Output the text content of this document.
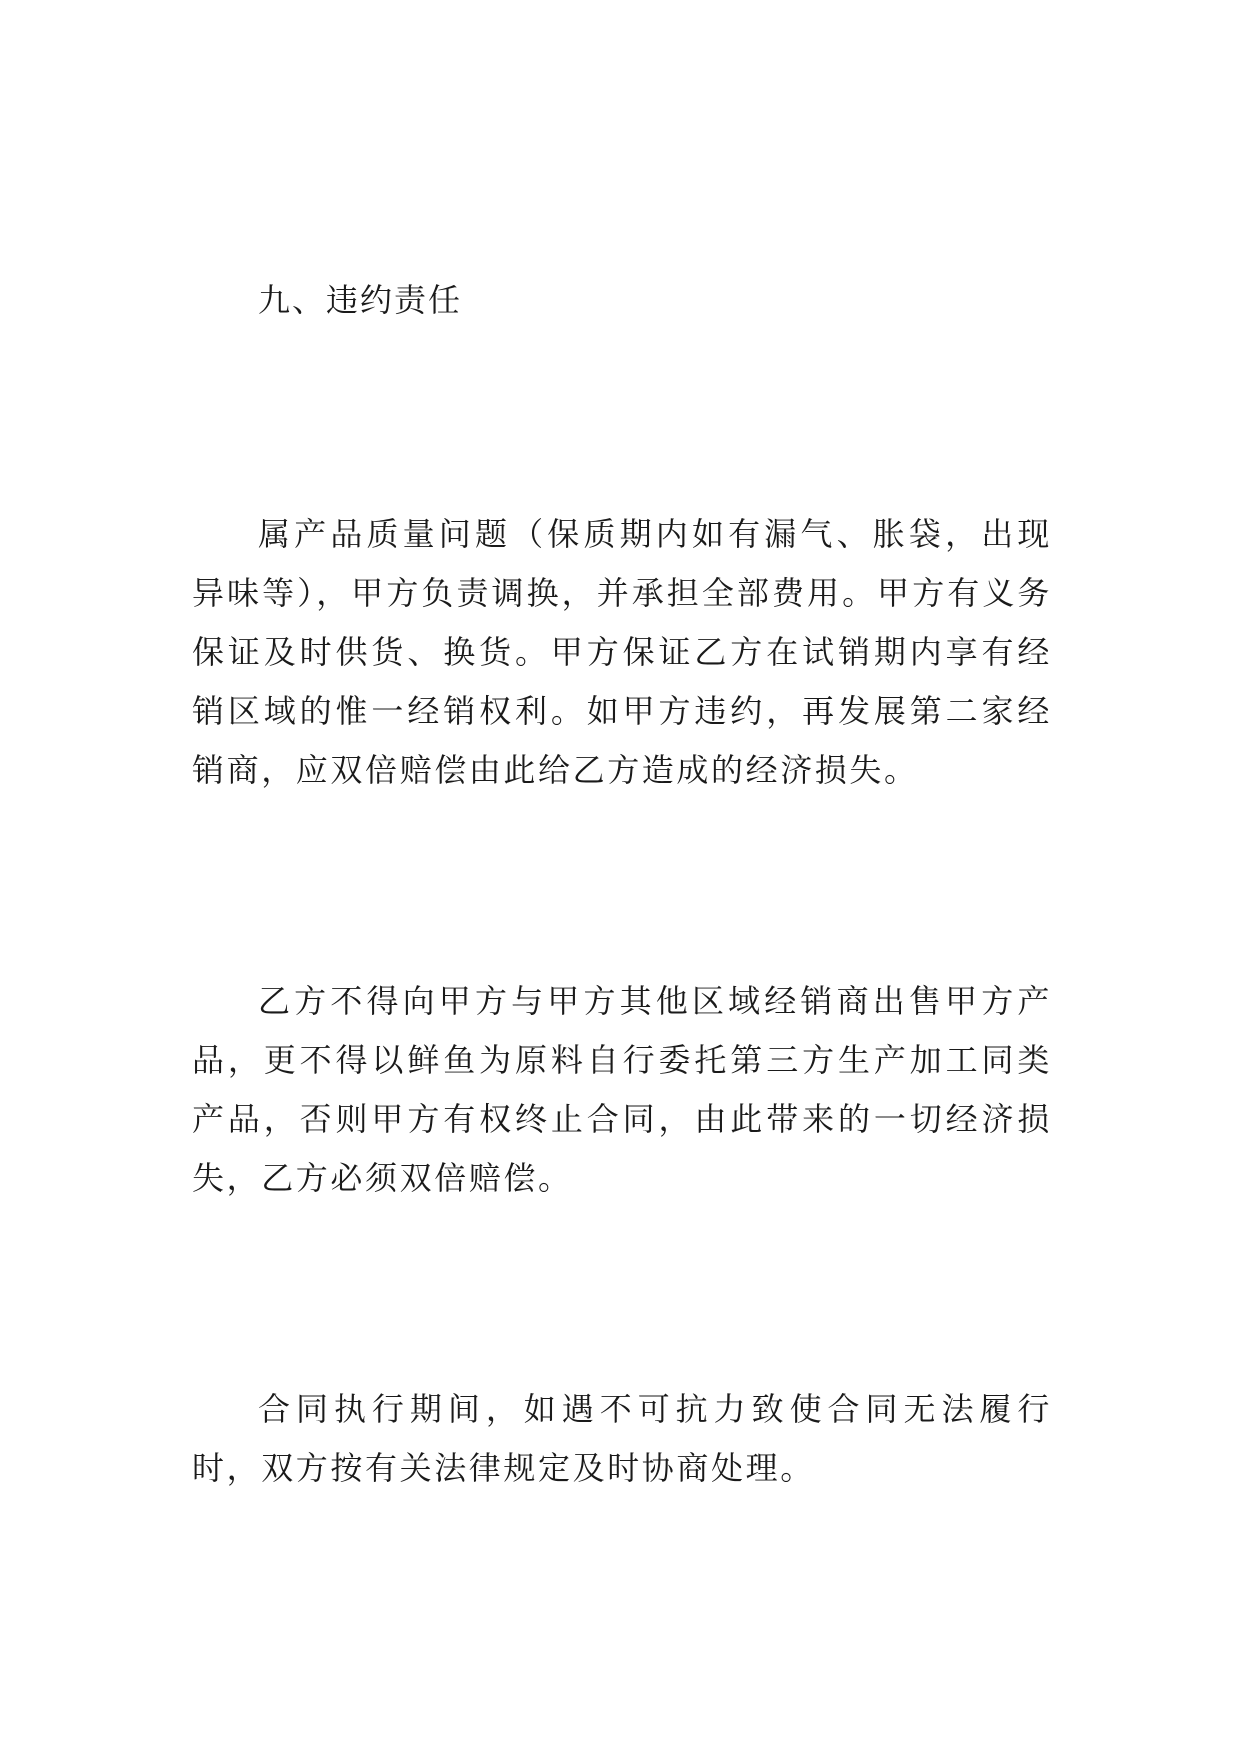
九、违约责任

属产品质量问题（保质期内如有漏气、胀袋，出现异味等），甲方负责调换，并承担全部费用。甲方有义务保证及时供货、换货。甲方保证乙方在试销期内享有经销区域的惟一经销权利。如甲方违约，再发展第二家经销商，应双倍赔偿由此给乙方造成的经济损失。

乙方不得向甲方与甲方其他区域经销商出售甲方产品，更不得以鲜鱼为原料自行委托第三方生产加工同类产品，否则甲方有权终止合同，由此带来的一切经济损失，乙方必须双倍赔偿。

合同执行期间，如遇不可抗力致使合同无法履行时，双方按有关法律规定及时协商处理。
